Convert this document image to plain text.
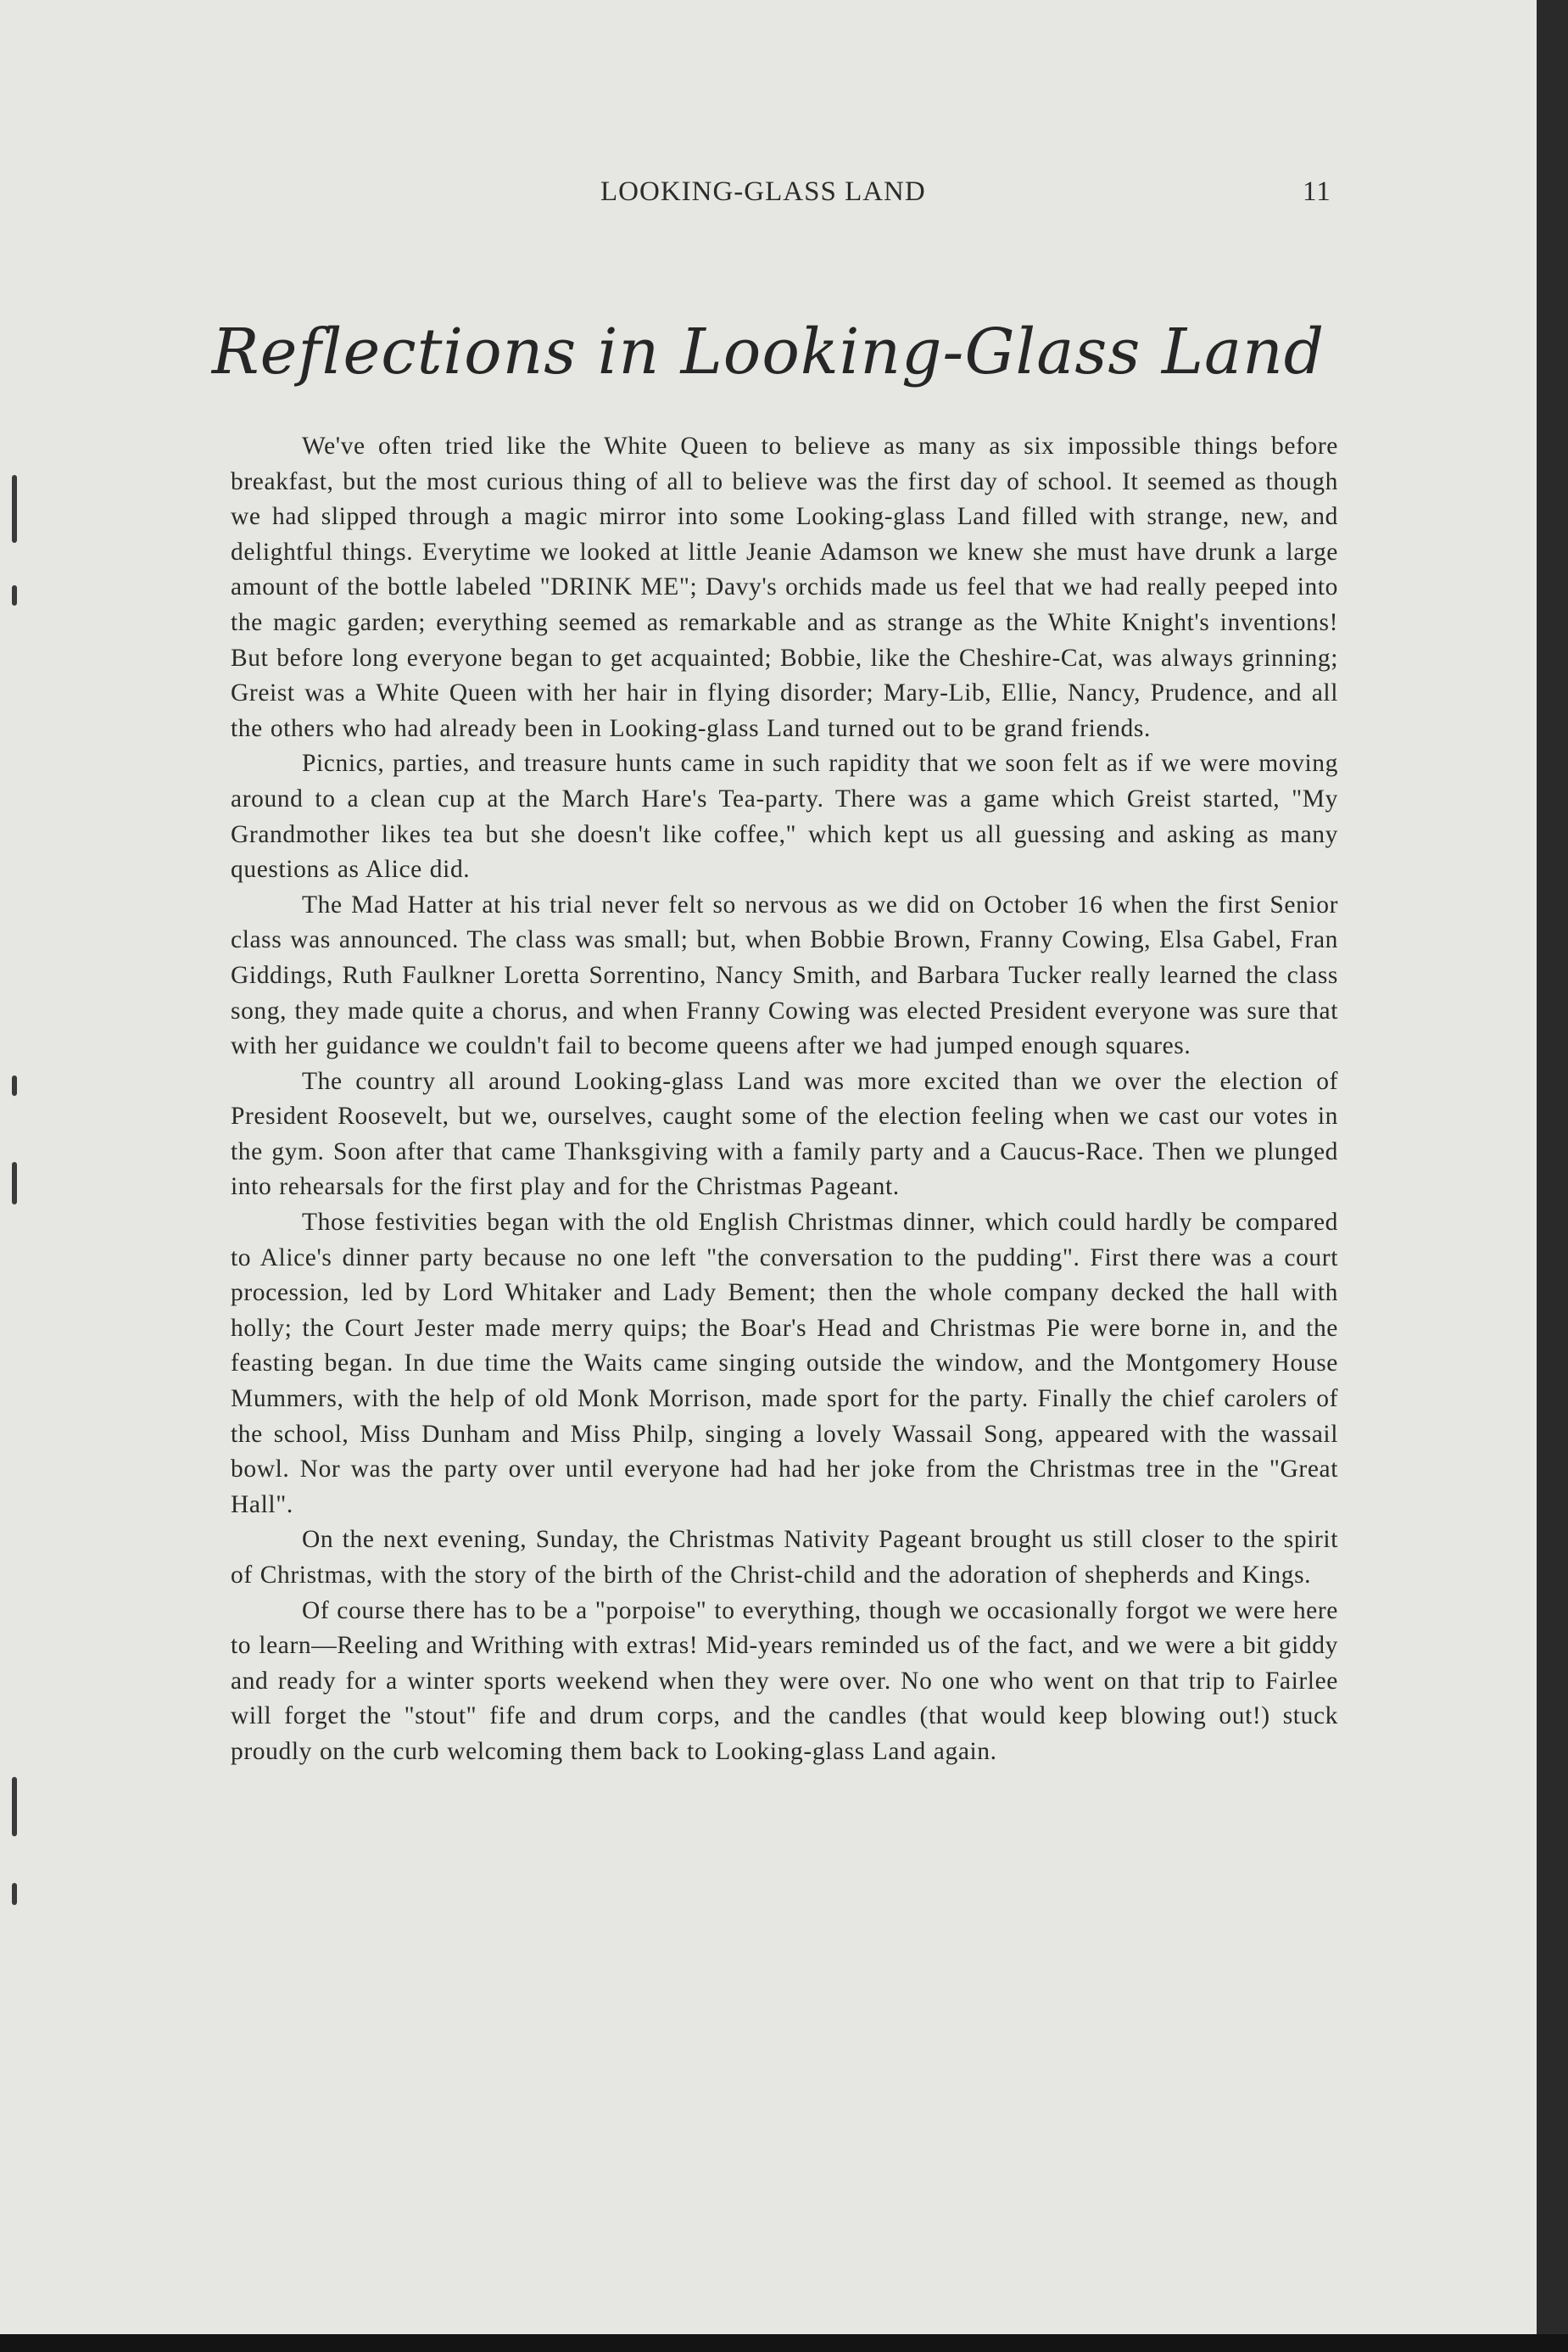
LOOKING-GLASS LAND	11
Reflections in Looking-Glass Land

We've often tried like the White Queen to believe as many as six impossible things before breakfast, but the most curious thing of all to believe was the first day of school. It seemed as though we had slipped through a magic mirror into some Looking-glass Land filled with strange, new, and delightful things. Everytime we looked at little Jeanie Adamson we knew she must have drunk a large amount of the bottle labeled "DRINK ME"; Davy's orchids made us feel that we had really peeped into the magic garden; everything seemed as remarkable and as strange as the White Knight's inventions! But before long everyone began to get acquainted; Bobbie, like the Cheshire-Cat, was always grinning; Greist was a White Queen with her hair in flying disorder; Mary-Lib, Ellie, Nancy, Prudence, and all the others who had already been in Looking-glass Land turned out to be grand friends.

Picnics, parties, and treasure hunts came in such rapidity that we soon felt as if we were moving around to a clean cup at the March Hare's Tea-party. There was a game which Greist started, "My Grandmother likes tea but she doesn't like coffee," which kept us all guessing and asking as many questions as Alice did.

The Mad Hatter at his trial never felt so nervous as we did on October 16 when the first Senior class was announced. The class was small; but, when Bobbie Brown, Franny Cowing, Elsa Gabel, Fran Giddings, Ruth Faulkner Loretta Sorrentino, Nancy Smith, and Barbara Tucker really learned the class song, they made quite a chorus, and when Franny Cowing was elected President everyone was sure that with her guidance we couldn't fail to become queens after we had jumped enough squares.

The country all around Looking-glass Land was more excited than we over the election of President Roosevelt, but we, ourselves, caught some of the election feeling when we cast our votes in the gym. Soon after that came Thanksgiving with a family party and a Caucus-Race. Then we plunged into rehearsals for the first play and for the Christmas Pageant.

Those festivities began with the old English Christmas dinner, which could hardly be compared to Alice's dinner party because no one left "the conversation to the pudding". First there was a court procession, led by Lord Whitaker and Lady Bement; then the whole company decked the hall with holly; the Court Jester made merry quips; the Boar's Head and Christmas Pie were borne in, and the feasting began. In due time the Waits came singing outside the window, and the Montgomery House Mummers, with the help of old Monk Morrison, made sport for the party. Finally the chief carolers of the school, Miss Dunham and Miss Philp, singing a lovely Wassail Song, appeared with the wassail bowl. Nor was the party over until everyone had had her joke from the Christmas tree in the "Great Hall".

On the next evening, Sunday, the Christmas Nativity Pageant brought us still closer to the spirit of Christmas, with the story of the birth of the Christ-child and the adoration of shepherds and Kings.

Of course there has to be a "porpoise" to everything, though we occasionally forgot we were here to learn—Reeling and Writhing with extras! Mid-years reminded us of the fact, and we were a bit giddy and ready for a winter sports weekend when they were over. No one who went on that trip to Fairlee will forget the "stout" fife and drum corps, and the candles (that would keep blowing out!) stuck proudly on the curb welcoming them back to Looking-glass Land again.
